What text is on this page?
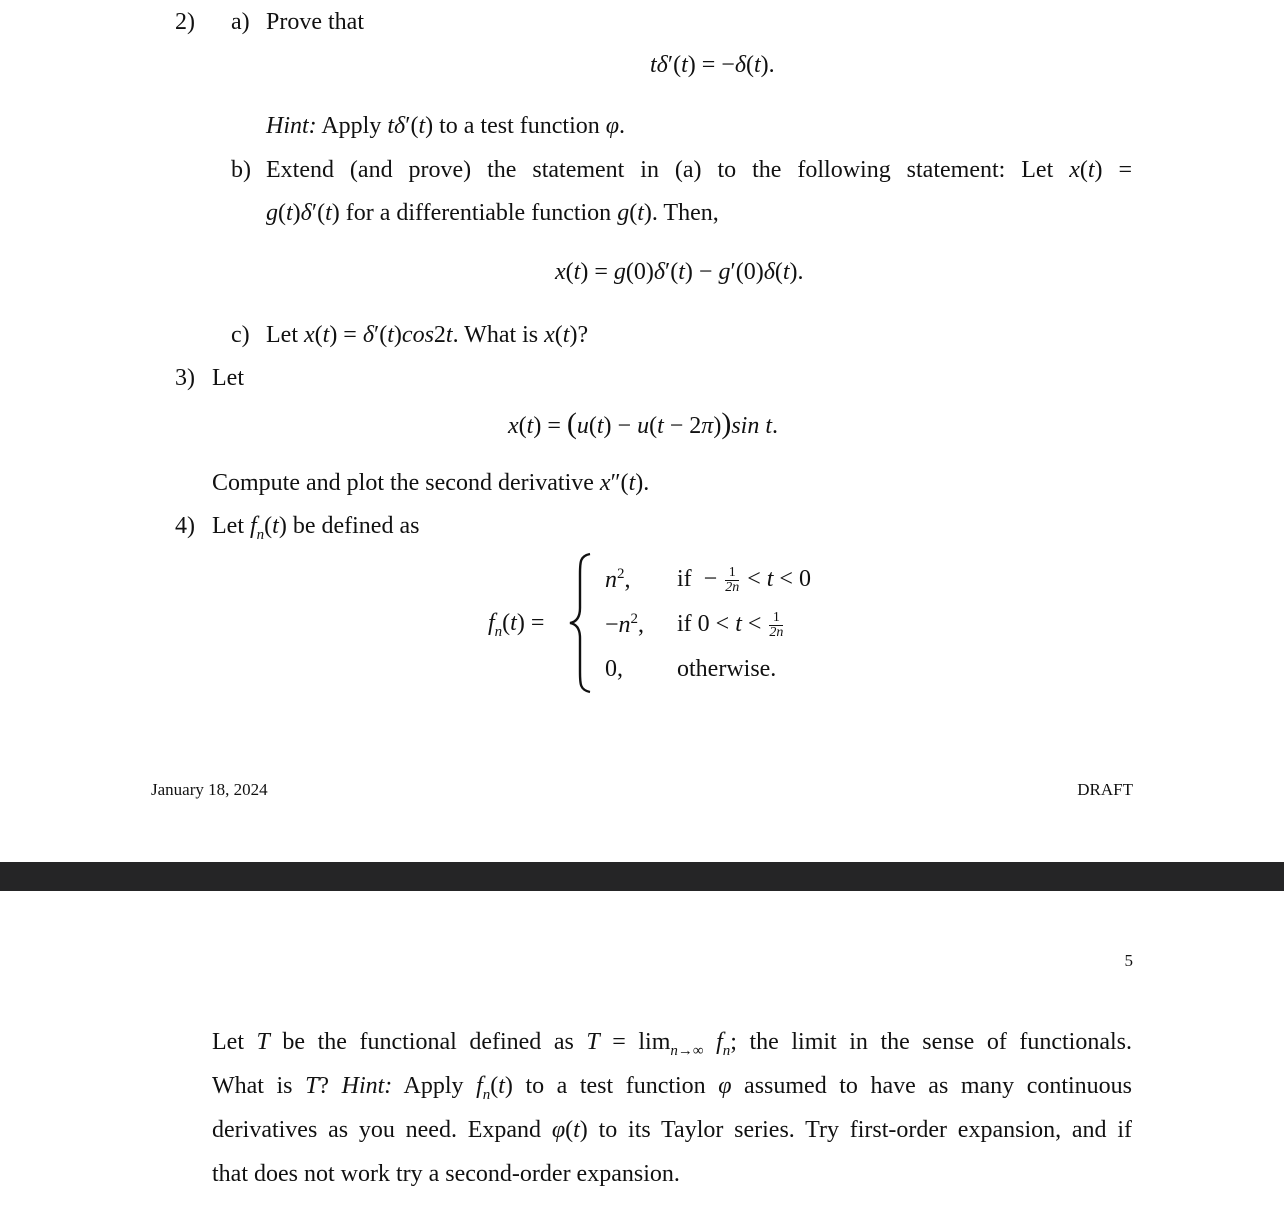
2) a) Prove that
tδ′(t) = −δ(t).
Hint: Apply tδ′(t) to a test function φ.
b) Extend (and prove) the statement in (a) to the following statement: Let x(t) =
g(t)δ′(t) for a differentiable function g(t). Then,
x(t) = g(0)δ′(t) − g′(0)δ(t).
c) Let x(t) = δ′(t)cos2t. What is x(t)?
3) Let
x(t) = (u(t) − u(t − 2π))sin t.
Compute and plot the second derivative x″(t).
4) Let $f_n(t)$ be defined as
$f_n(t)$ =
$n^2$, if  − $\frac{1}{2n} < t < 0$
$-n^2$, if $0 < t < \frac{1}{2n}$
0, otherwise.
January 18, 2024	DRAFT
5
Let T be the functional defined as $T = \lim_{n\to\infty} f_n$; the limit in the sense of functionals.
What is T? Hint: Apply $f_n(t)$ to a test function φ assumed to have as many continuous
derivatives as you need. Expand φ(t) to its Taylor series. Try first-order expansion, and if
that does not work try a second-order expansion.
